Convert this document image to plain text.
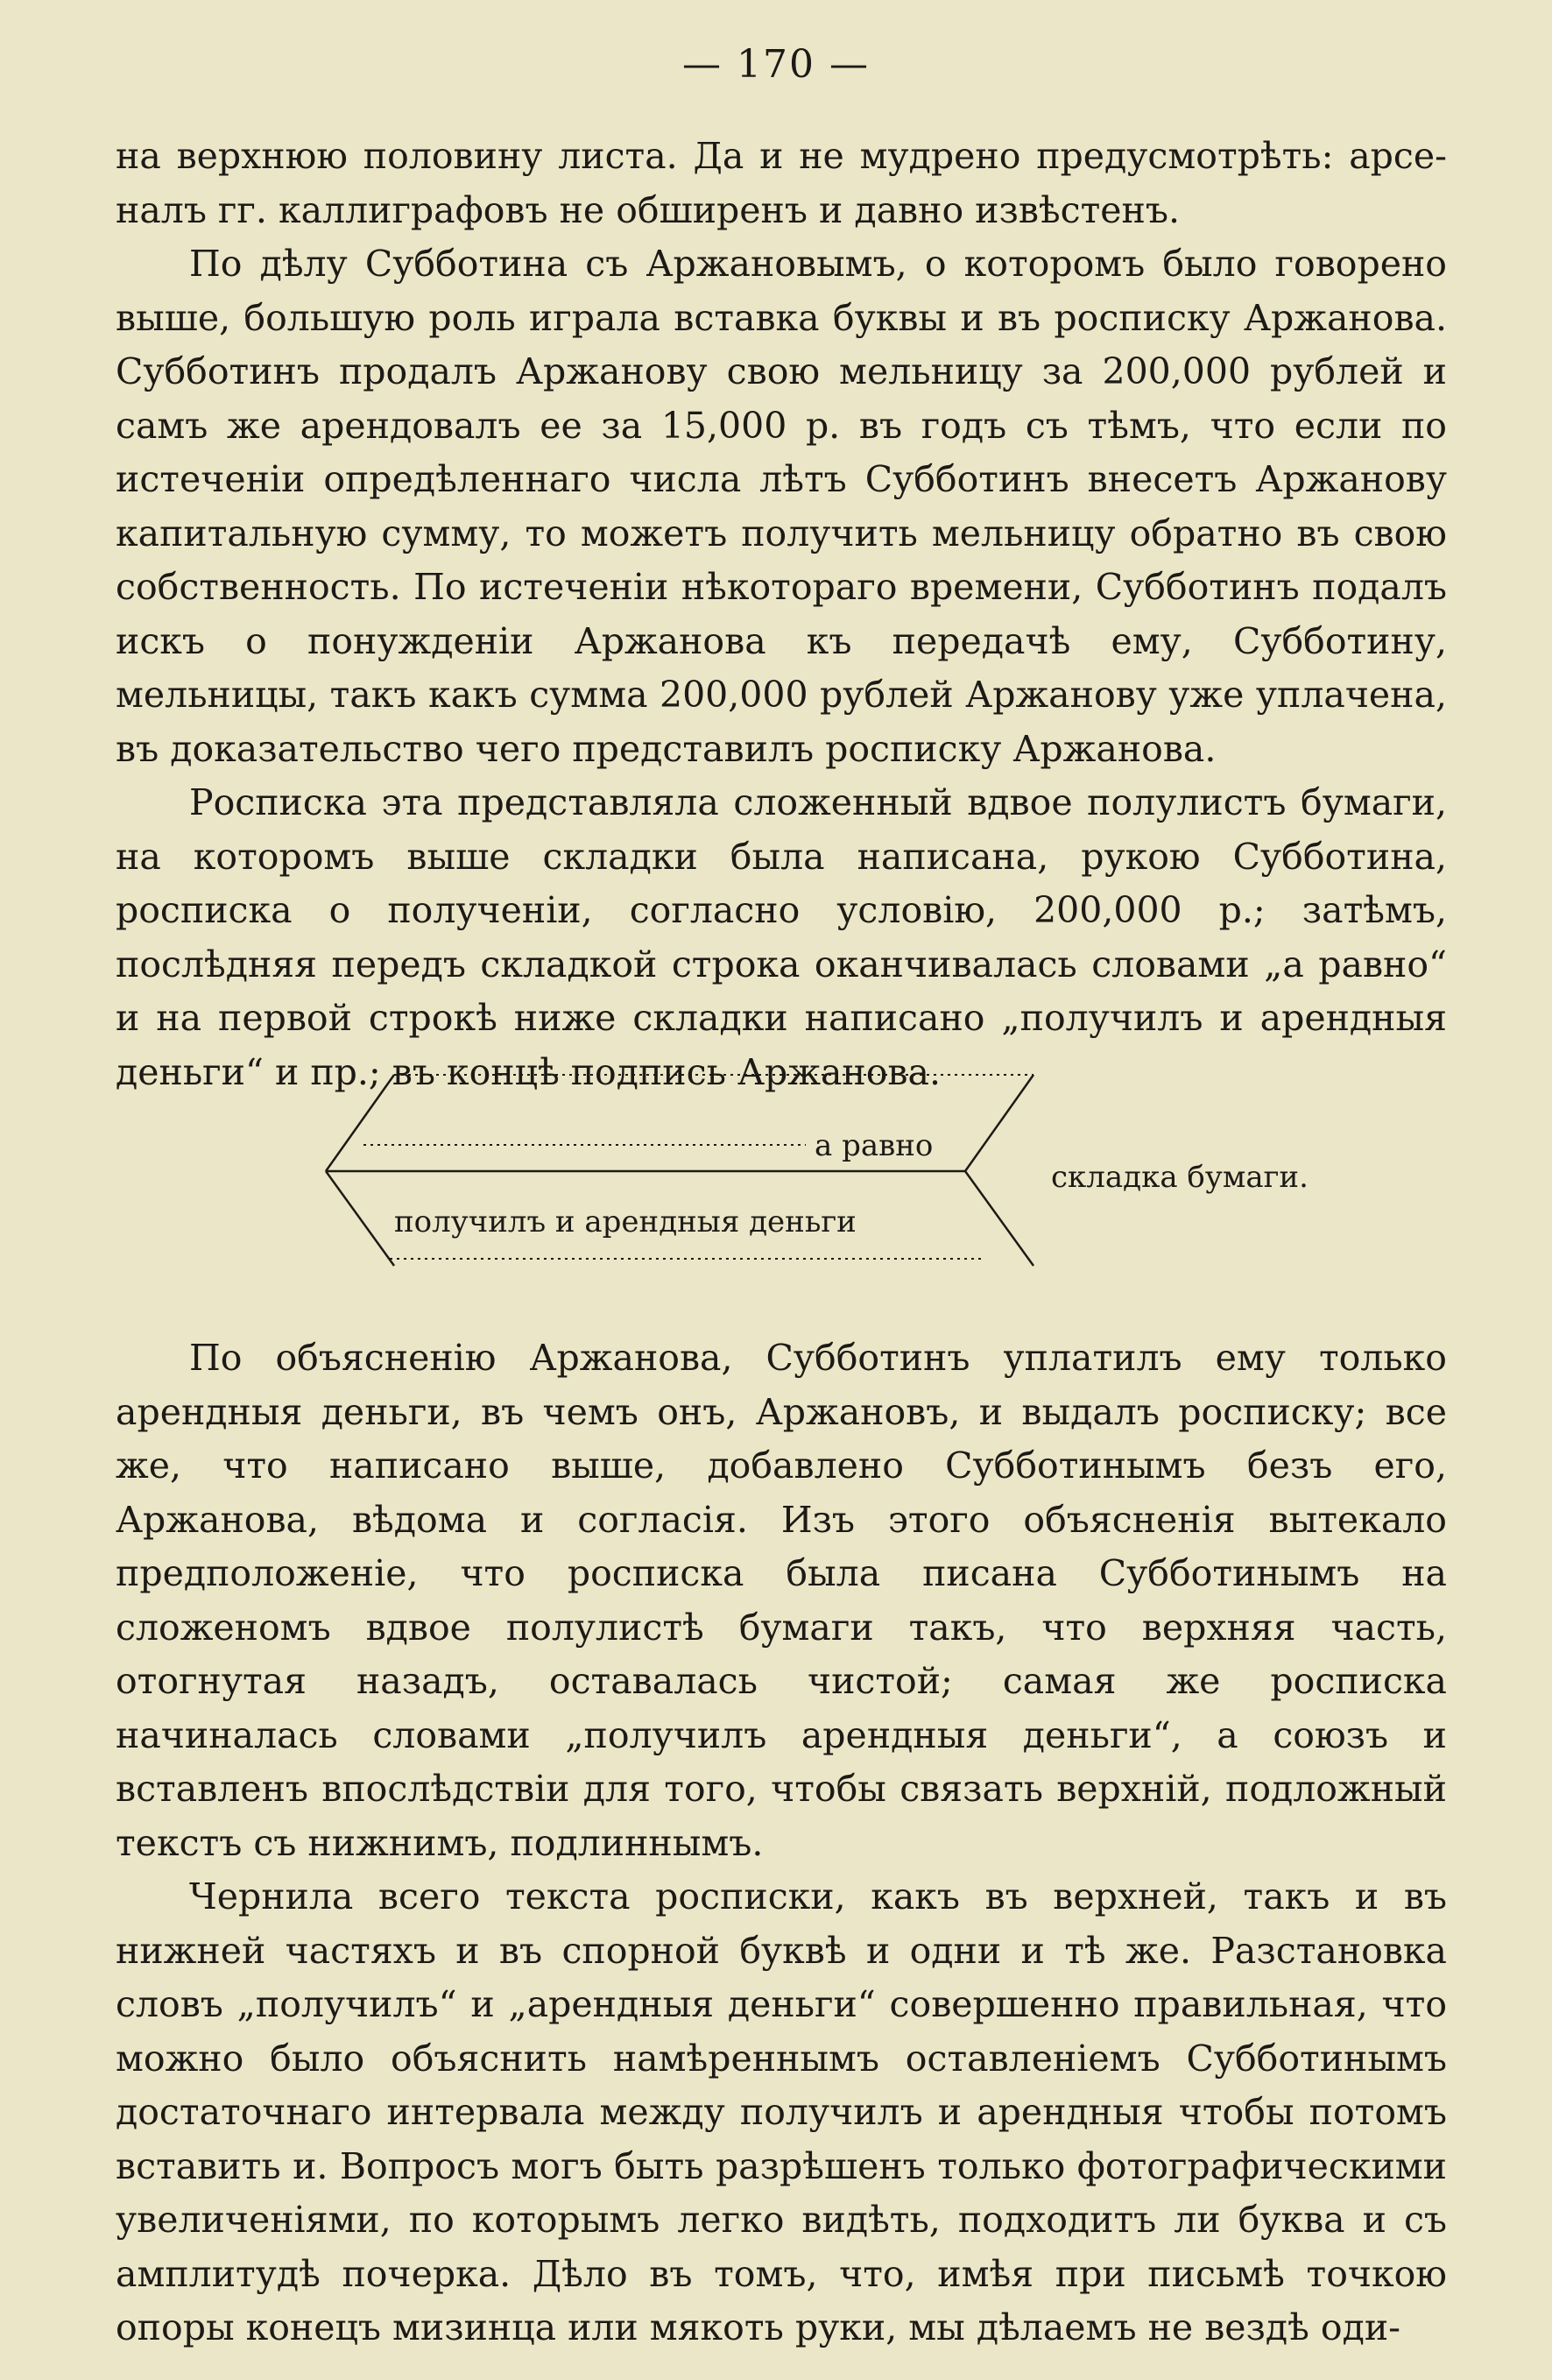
— 170 —

на верхнюю половину листа. Да и не мудрено предусмотрѣть: арсе-
налъ гг. каллиграфовъ не обширенъ и давно извѣстенъ.

По дѣлу Субботина съ Аржановымъ, о которомъ было говорено выше, большую роль играла вставка буквы и въ росписку Аржанова. Субботинъ продалъ Аржанову свою мельницу за 200,000 рублей и самъ же арендовалъ ее за 15,000 р. въ годъ съ тѣмъ, что если по истеченіи опредѣленнаго числа лѣтъ Субботинъ внесетъ Аржанову капитальную сумму, то можетъ получить мельницу обратно въ свою собственность. По истеченіи нѣкотораго времени, Субботинъ подалъ искъ о понужденіи Аржанова къ передачѣ ему, Субботину, мельницы, такъ какъ сумма 200,000 рублей Аржанову уже уплачена, въ доказательство чего представилъ росписку Аржанова.

Росписка эта представляла сложенный вдвое полулистъ бумаги, на которомъ выше складки была написана, рукою Субботина, росписка о полученіи, согласно условію, 200,000 р.; затѣмъ, послѣдняя передъ складкой строка оканчивалась словами „а равно“ и на первой строкѣ ниже складки написано „получилъ и арендныя деньги“ и пр.; въ концѣ подпись Аржанова.

а равно
получилъ и арендныя деньги
складка бумаги.

По объясненію Аржанова, Субботинъ уплатилъ ему только арендныя деньги, въ чемъ онъ, Аржановъ, и выдалъ росписку; все же, что написано выше, добавлено Субботинымъ безъ его, Аржанова, вѣдома и согласія. Изъ этого объясненія вытекало предположеніе, что росписка была писана Субботинымъ на сложеномъ вдвое полулистѣ бумаги такъ, что верхняя часть, отогнутая назадъ, оставалась чистой; самая же росписка начиналась словами „получилъ арендныя деньги“, а союзъ и вставленъ впослѣдствіи для того, чтобы связать верхній, подложный текстъ съ нижнимъ, подлиннымъ.

Чернила всего текста росписки, какъ въ верхней, такъ и въ нижней частяхъ и въ спорной буквѣ и одни и тѣ же. Разстановка словъ „получилъ“ и „арендныя деньги“ совершенно правильная, что можно было объяснить намѣреннымъ оставленіемъ Субботинымъ достаточнаго интервала между получилъ и арендныя чтобы потомъ вставить и. Вопросъ могъ быть разрѣшенъ только фотографическими увеличеніями, по которымъ легко видѣть, подходитъ ли буква и съ амплитудѣ почерка. Дѣло въ томъ, что, имѣя при письмѣ точкою опоры конецъ мизинца или мякоть руки, мы дѣлаемъ не вездѣ оди-
